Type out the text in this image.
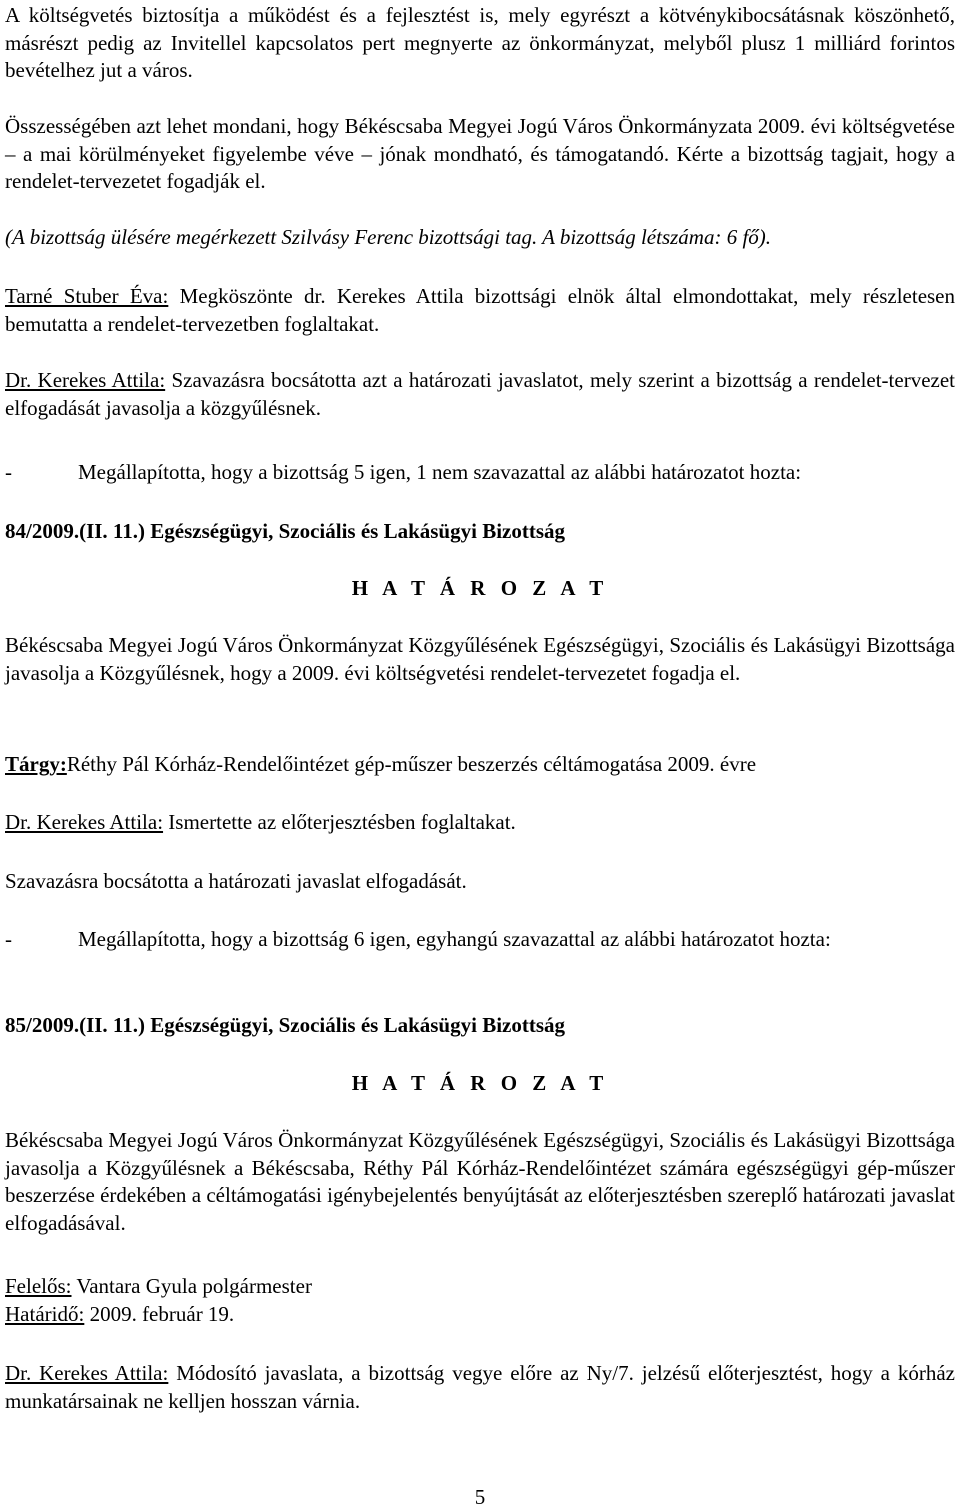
A költségvetés biztosítja a működést és a fejlesztést is, mely egyrészt a kötvénykibocsátásnak köszönhető, másrészt pedig az Invitellel kapcsolatos pert megnyerte az önkormányzat, melyből plusz 1 milliárd forintos bevételhez jut a város.
Összességében azt lehet mondani, hogy Békéscsaba Megyei Jogú Város Önkormányzata 2009. évi költségvetése – a mai körülményeket figyelembe véve – jónak mondható, és támogatandó. Kérte a bizottság tagjait, hogy a rendelet-tervezetet fogadják el.
(A bizottság ülésére megérkezett Szilvásy Ferenc bizottsági tag. A bizottság létszáma: 6 fő).
Tarné Stuber Éva: Megköszönte dr. Kerekes Attila bizottsági elnök által elmondottakat, mely részletesen bemutatta a rendelet-tervezetben foglaltakat.
Dr. Kerekes Attila: Szavazásra bocsátotta azt a határozati javaslatot, mely szerint a bizottság a rendelet-tervezet elfogadását javasolja a közgyűlésnek.
-	Megállapította, hogy a bizottság 5 igen, 1 nem szavazattal az alábbi határozatot hozta:
84/2009.(II. 11.) Egészségügyi, Szociális és Lakásügyi Bizottság
H A T Á R O Z A T
Békéscsaba Megyei Jogú Város Önkormányzat Közgyűlésének Egészségügyi, Szociális és Lakásügyi Bizottsága javasolja a Közgyűlésnek, hogy a 2009. évi költségvetési rendelet-tervezetet fogadja el.
Tárgy:Réthy Pál Kórház-Rendelőintézet gép-műszer beszerzés céltámogatása 2009. évre
Dr. Kerekes Attila: Ismertette az előterjesztésben foglaltakat.
Szavazásra bocsátotta a határozati javaslat elfogadását.
-	Megállapította, hogy a bizottság 6 igen, egyhangú szavazattal az alábbi határozatot hozta:
85/2009.(II. 11.) Egészségügyi, Szociális és Lakásügyi Bizottság
H A T Á R O Z A T
Békéscsaba Megyei Jogú Város Önkormányzat Közgyűlésének Egészségügyi, Szociális és Lakásügyi Bizottsága javasolja a Közgyűlésnek a Békéscsaba, Réthy Pál Kórház-Rendelőintézet számára egészségügyi gép-műszer beszerzése érdekében a céltámogatási igénybejelentés benyújtását az előterjesztésben szereplő határozati javaslat elfogadásával.
Felelős: Vantara Gyula polgármester
Határidő: 2009. február 19.
Dr. Kerekes Attila: Módosító javaslata, a bizottság vegye előre az Ny/7. jelzésű előterjesztést, hogy a kórház munkatársainak ne kelljen hosszan várnia.
5
